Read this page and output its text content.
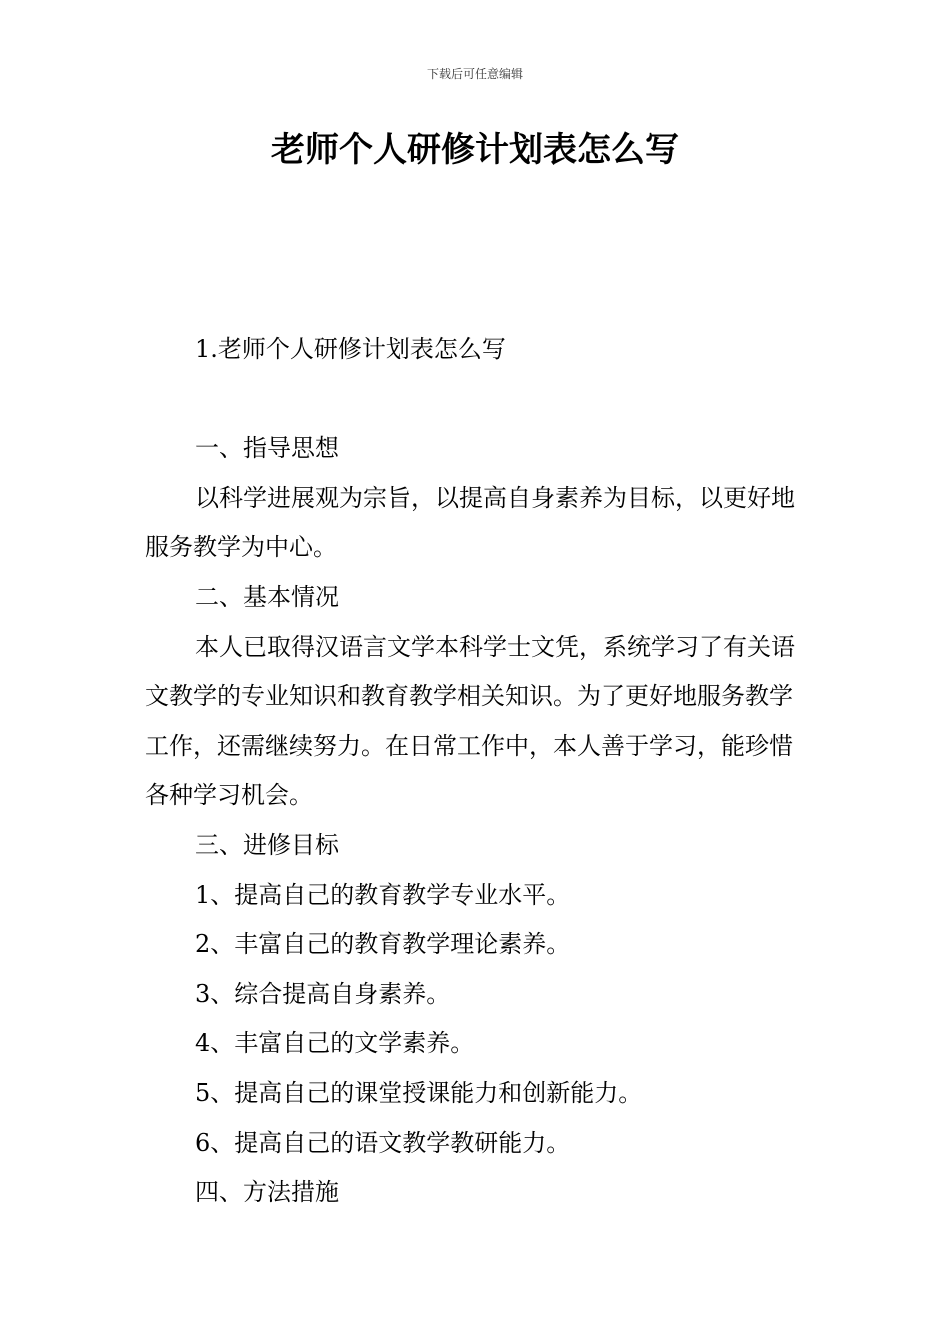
下载后可任意编辑
老师个人研修计划表怎么写

1.老师个人研修计划表怎么写

一、指导思想

以科学进展观为宗旨，以提高自身素养为目标，以更好地服务教学为中心。

二、基本情况

本人已取得汉语言文学本科学士文凭，系统学习了有关语文教学的专业知识和教育教学相关知识。为了更好地服务教学工作，还需继续努力。在日常工作中，本人善于学习，能珍惜各种学习机会。

三、进修目标

1、提高自己的教育教学专业水平。

2、丰富自己的教育教学理论素养。

3、综合提高自身素养。

4、丰富自己的文学素养。

5、提高自己的课堂授课能力和创新能力。

6、提高自己的语文教学教研能力。

四、方法措施
